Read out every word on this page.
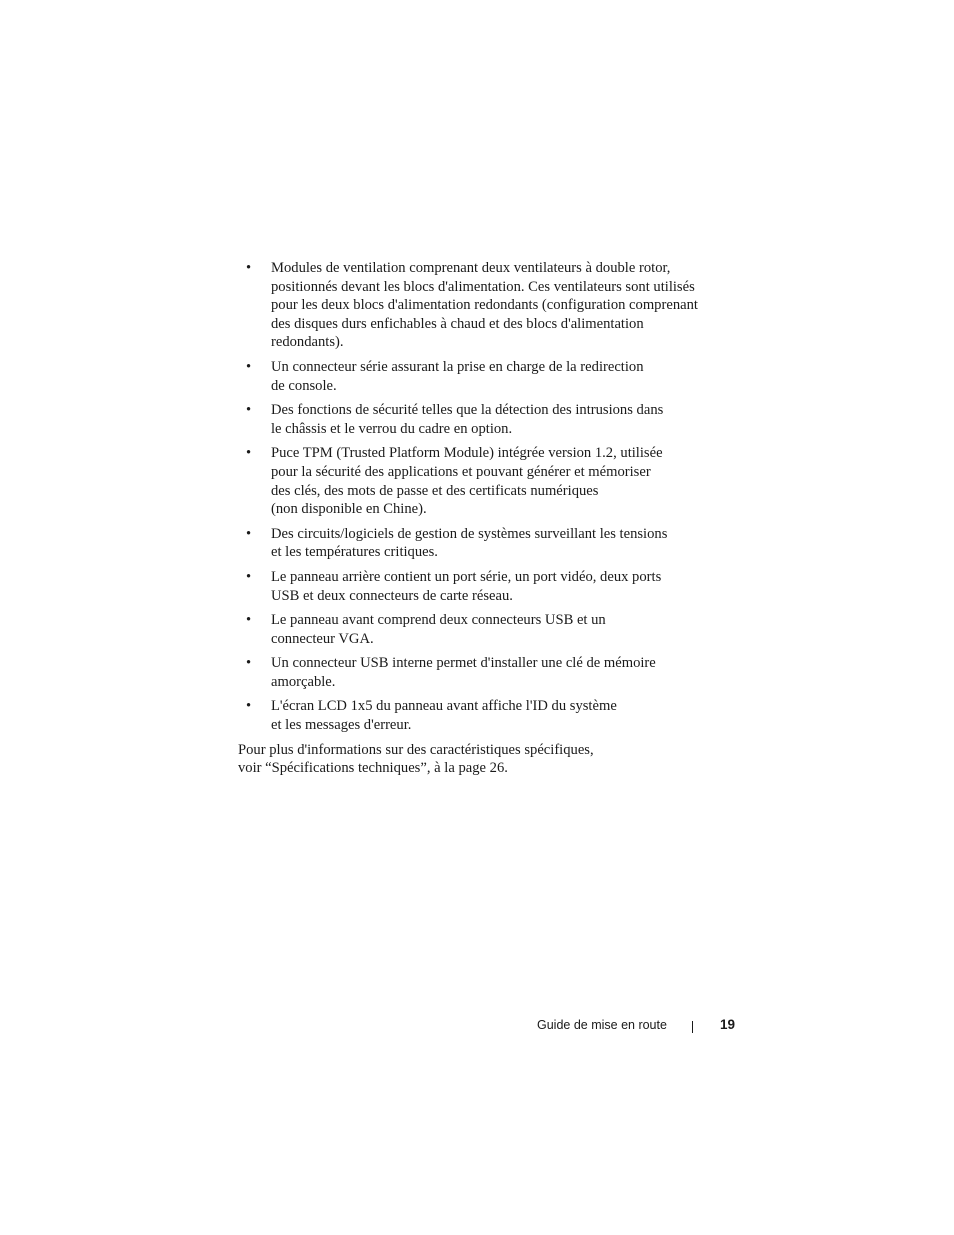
• Modules de ventilation comprenant deux ventilateurs à double rotor,
positionnés devant les blocs d'alimentation. Ces ventilateurs sont utilisés
pour les deux blocs d'alimentation redondants (configuration comprenant
des disques durs enfichables à chaud et des blocs d'alimentation
redondants).
• Un connecteur série assurant la prise en charge de la redirection
de console.
• Des fonctions de sécurité telles que la détection des intrusions dans
le châssis et le verrou du cadre en option.
• Puce TPM (Trusted Platform Module) intégrée version 1.2, utilisée
pour la sécurité des applications et pouvant générer et mémoriser
des clés, des mots de passe et des certificats numériques
(non disponible en Chine).
• Des circuits/logiciels de gestion de systèmes surveillant les tensions
et les températures critiques.
• Le panneau arrière contient un port série, un port vidéo, deux ports
USB et deux connecteurs de carte réseau.
• Le panneau avant comprend deux connecteurs USB et un
connecteur VGA.
• Un connecteur USB interne permet d'installer une clé de mémoire
amorçable.
• L'écran LCD 1x5 du panneau avant affiche l'ID du système
et les messages d'erreur.

Pour plus d'informations sur des caractéristiques spécifiques,
voir “Spécifications techniques”, à la page 26.

Guide de mise en route	19
